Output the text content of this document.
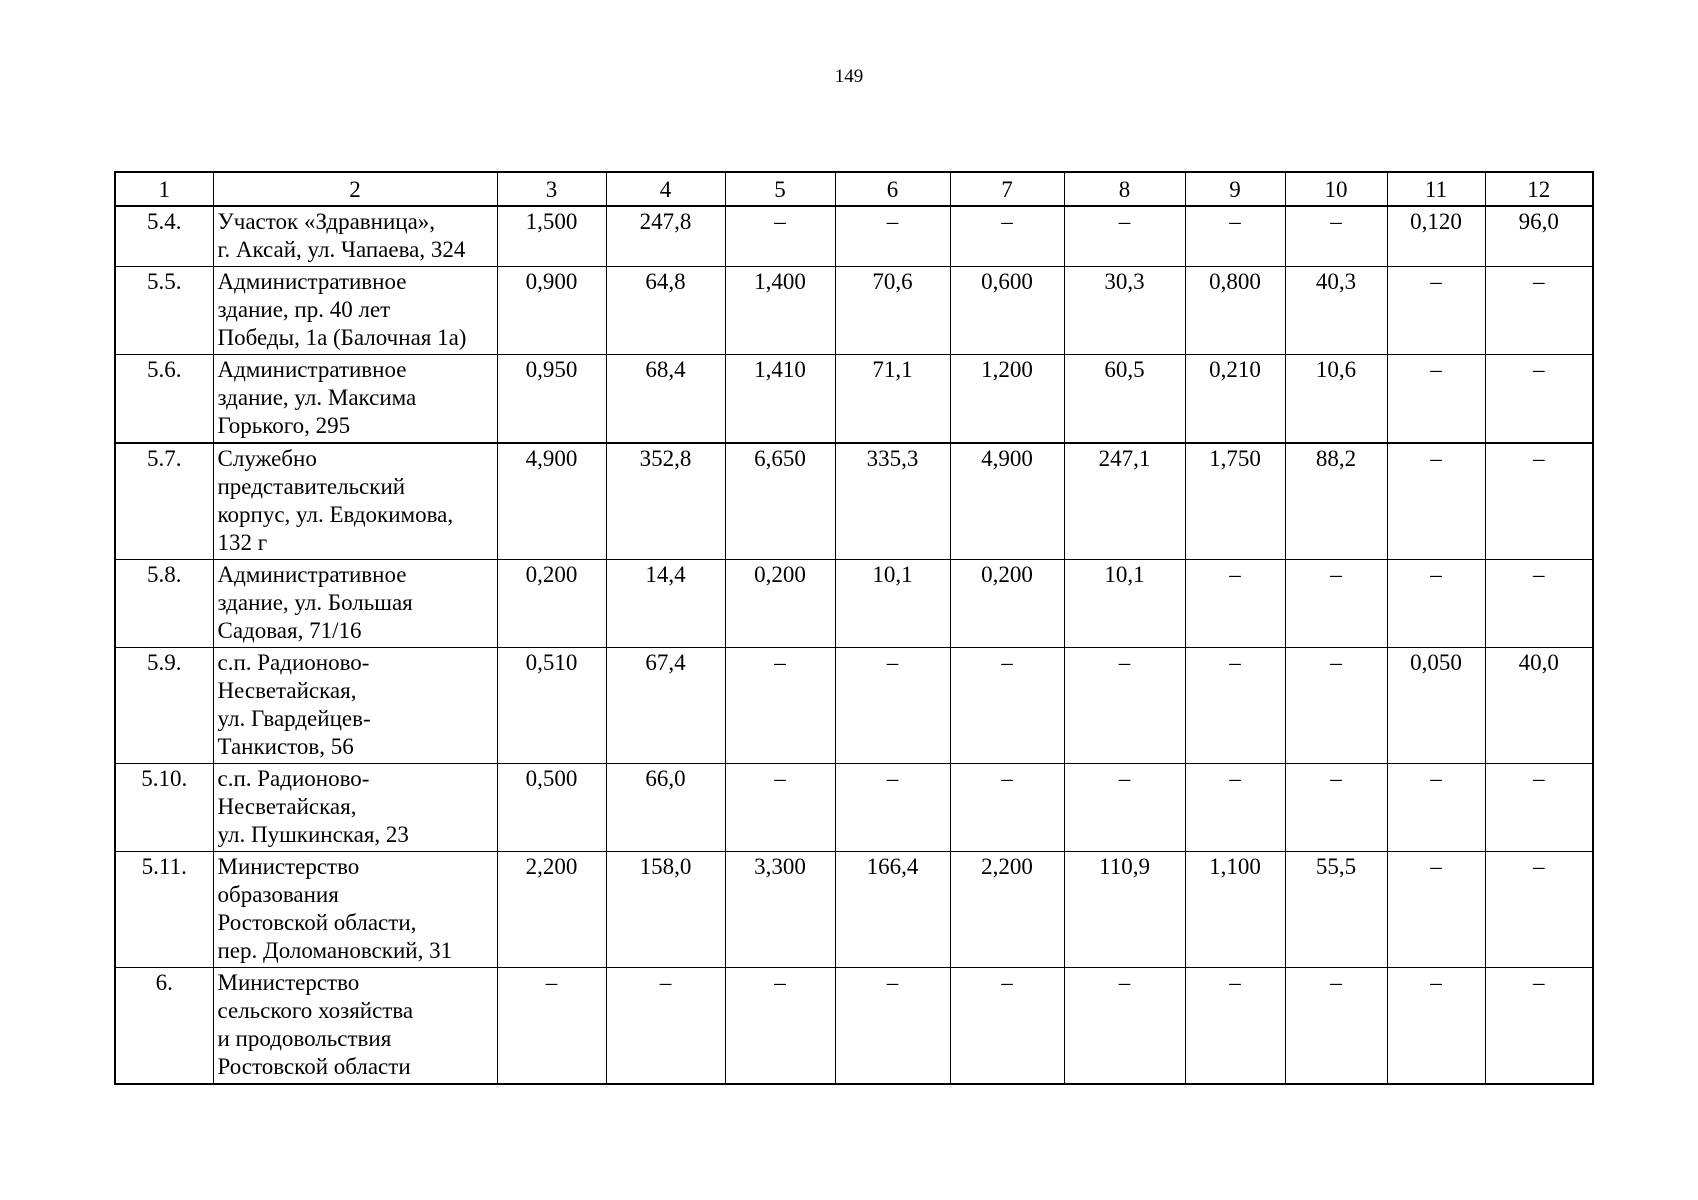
149
1	2	3	4	5	6	7	8	9	10	11	12
5.4.	Участок «Здравница»,
г. Аксай, ул. Чапаева, 324	1,500	247,8	–	–	–	–	–	–	0,120	96,0
5.5.	Административное
здание, пр. 40 лет
Победы, 1а (Балочная 1а)	0,900	64,8	1,400	70,6	0,600	30,3	0,800	40,3	–	–
5.6.	Административное
здание, ул. Максима
Горького, 295	0,950	68,4	1,410	71,1	1,200	60,5	0,210	10,6	–	–
5.7.	Служебно
представительский
корпус, ул. Евдокимова,
132 г	4,900	352,8	6,650	335,3	4,900	247,1	1,750	88,2	–	–
5.8.	Административное
здание, ул. Большая
Садовая, 71/16	0,200	14,4	0,200	10,1	0,200	10,1	–	–	–	–
5.9.	с.п. Радионово-
Несветайская,
ул. Гвардейцев-
Танкистов, 56	0,510	67,4	–	–	–	–	–	–	0,050	40,0
5.10.	с.п. Радионово-
Несветайская,
ул. Пушкинская, 23	0,500	66,0	–	–	–	–	–	–	–	–
5.11.	Министерство
образования
Ростовской области,
пер. Доломановский, 31	2,200	158,0	3,300	166,4	2,200	110,9	1,100	55,5	–	–
6.	Министерство
сельского хозяйства
и продовольствия
Ростовской области	–	–	–	–	–	–	–	–	–	–
